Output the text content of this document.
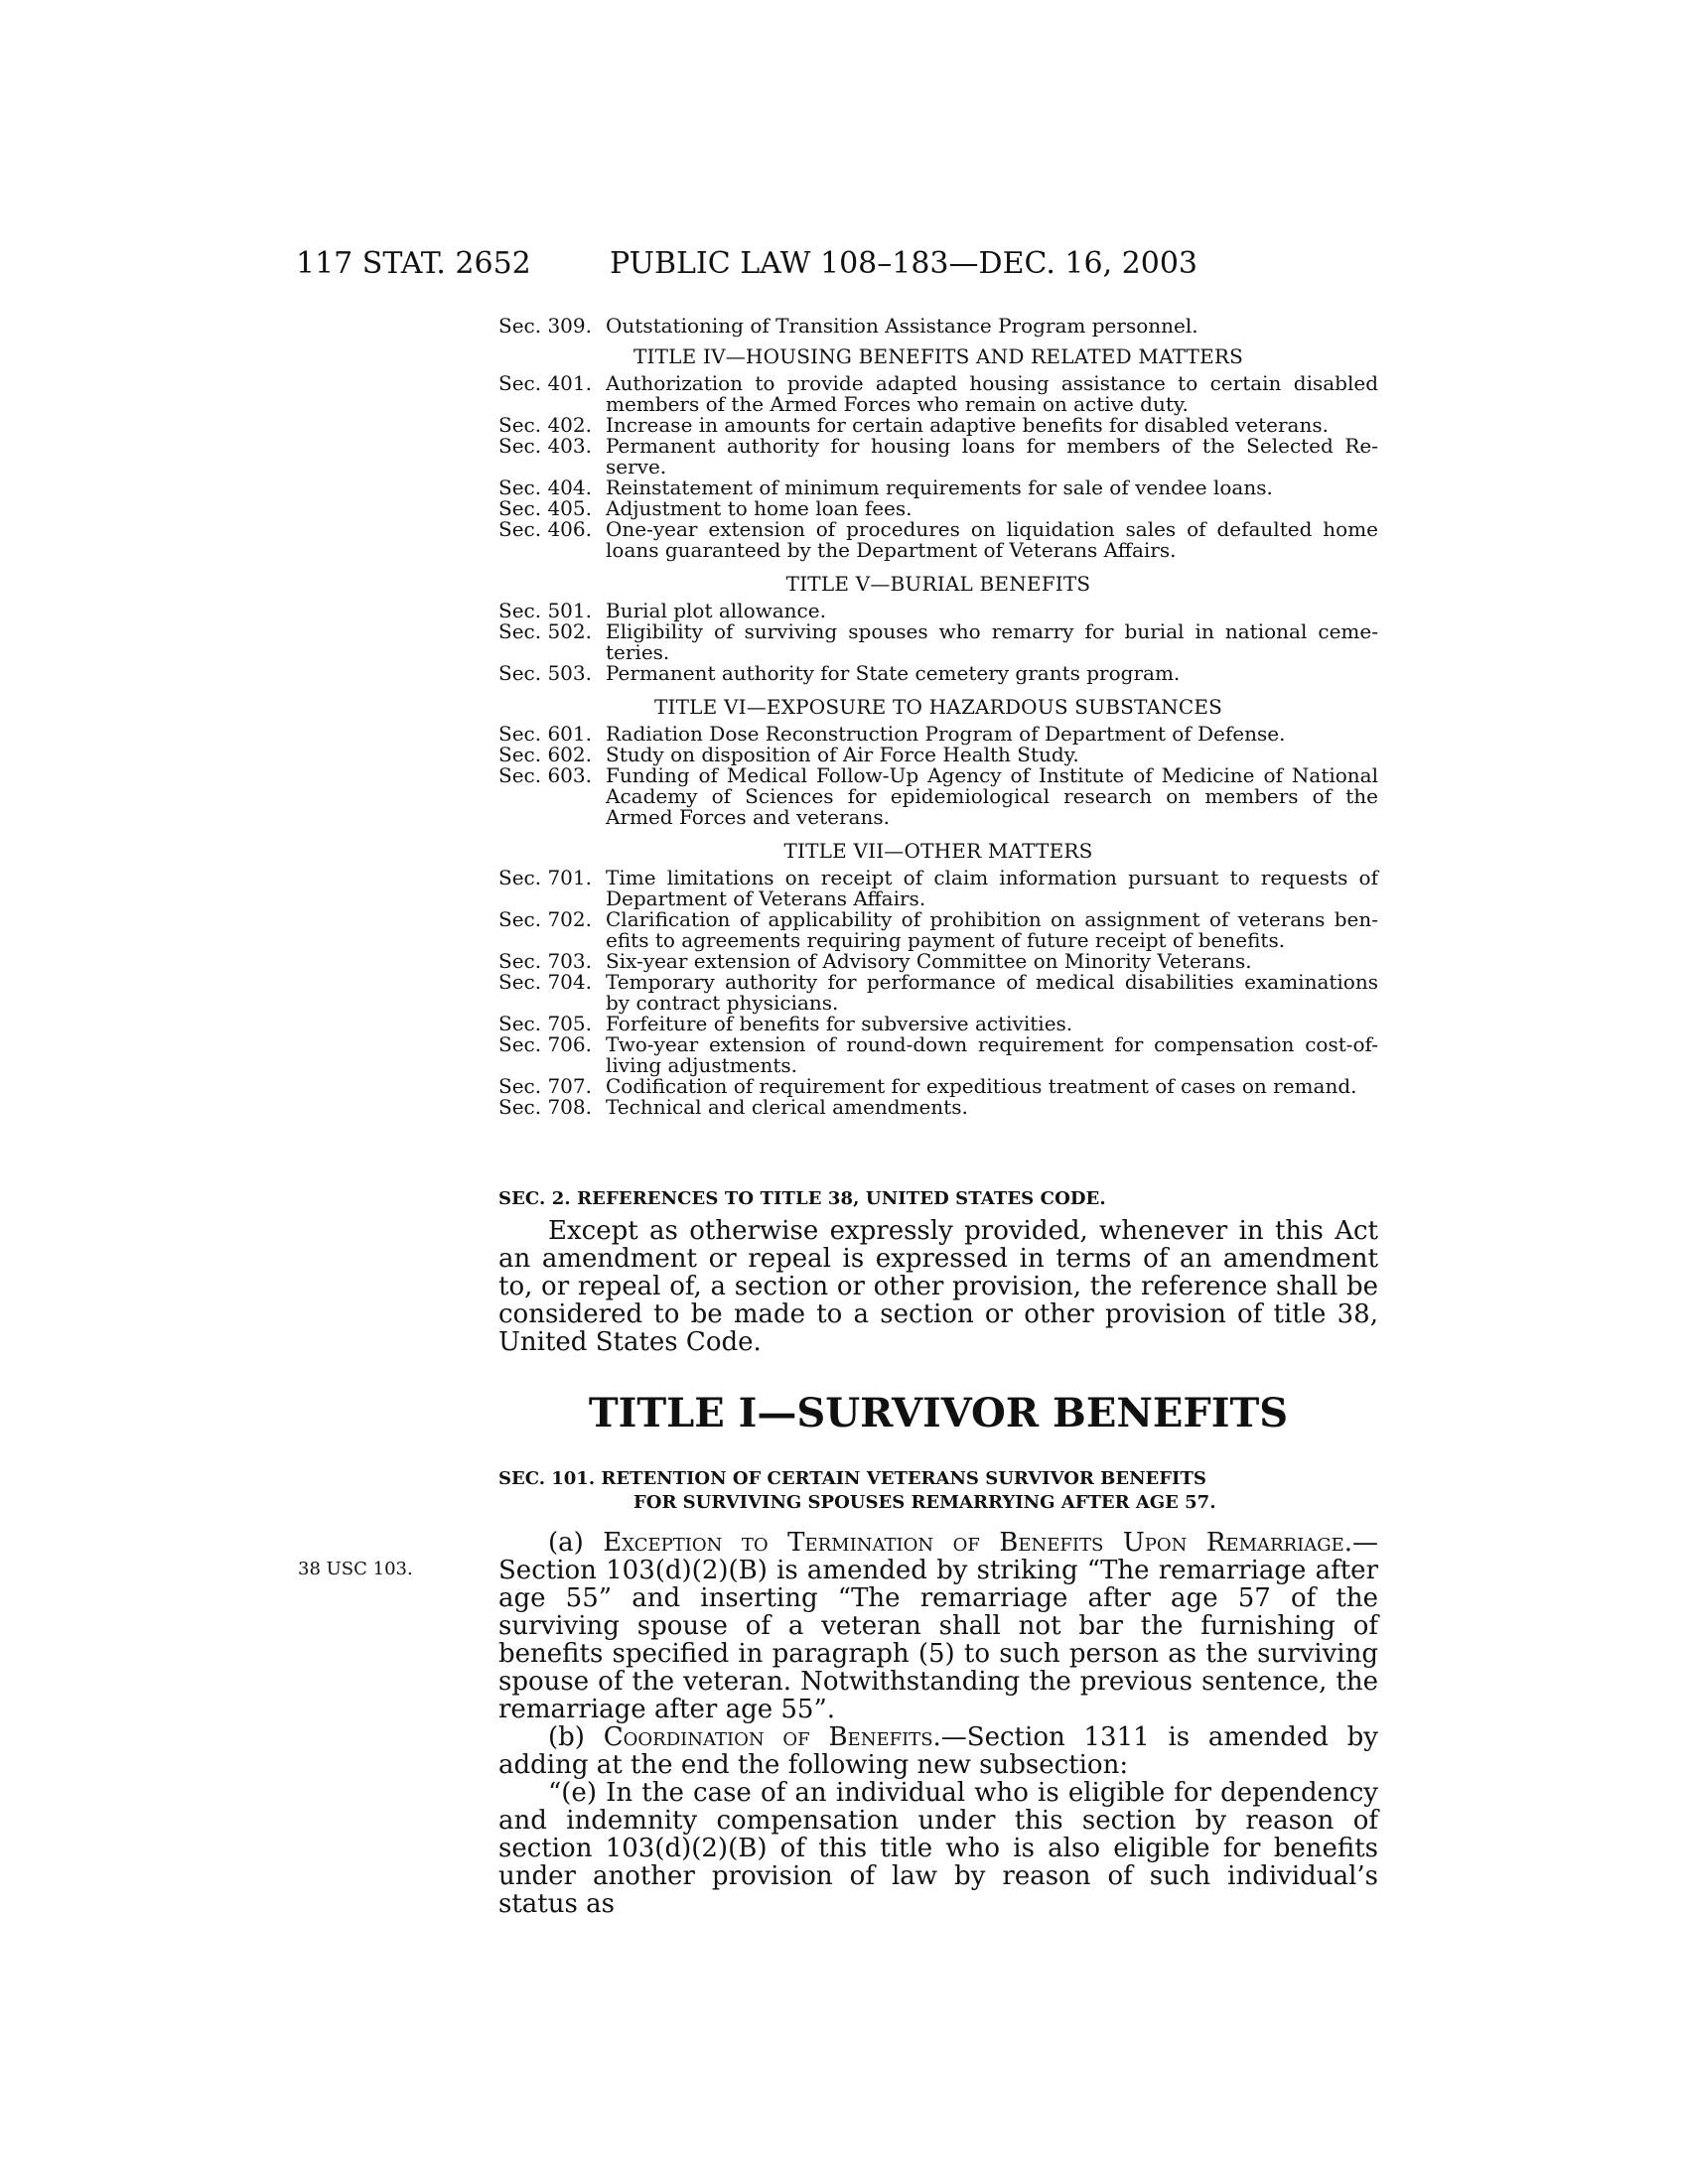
117 STAT. 2652	PUBLIC LAW 108–183—DEC. 16, 2003
Sec. 309. Outstationing of Transition Assistance Program personnel.
TITLE IV—HOUSING BENEFITS AND RELATED MATTERS
Sec. 401. Authorization to provide adapted housing assistance to certain disabled members of the Armed Forces who remain on active duty.
Sec. 402. Increase in amounts for certain adaptive benefits for disabled veterans.
Sec. 403. Permanent authority for housing loans for members of the Selected Reserve.
Sec. 404. Reinstatement of minimum requirements for sale of vendee loans.
Sec. 405. Adjustment to home loan fees.
Sec. 406. One-year extension of procedures on liquidation sales of defaulted home loans guaranteed by the Department of Veterans Affairs.
TITLE V—BURIAL BENEFITS
Sec. 501. Burial plot allowance.
Sec. 502. Eligibility of surviving spouses who remarry for burial in national cemeteries.
Sec. 503. Permanent authority for State cemetery grants program.
TITLE VI—EXPOSURE TO HAZARDOUS SUBSTANCES
Sec. 601. Radiation Dose Reconstruction Program of Department of Defense.
Sec. 602. Study on disposition of Air Force Health Study.
Sec. 603. Funding of Medical Follow-Up Agency of Institute of Medicine of National Academy of Sciences for epidemiological research on members of the Armed Forces and veterans.
TITLE VII—OTHER MATTERS
Sec. 701. Time limitations on receipt of claim information pursuant to requests of Department of Veterans Affairs.
Sec. 702. Clarification of applicability of prohibition on assignment of veterans benefits to agreements requiring payment of future receipt of benefits.
Sec. 703. Six-year extension of Advisory Committee on Minority Veterans.
Sec. 704. Temporary authority for performance of medical disabilities examinations by contract physicians.
Sec. 705. Forfeiture of benefits for subversive activities.
Sec. 706. Two-year extension of round-down requirement for compensation cost-of-living adjustments.
Sec. 707. Codification of requirement for expeditious treatment of cases on remand.
Sec. 708. Technical and clerical amendments.
SEC. 2. REFERENCES TO TITLE 38, UNITED STATES CODE.

Except as otherwise expressly provided, whenever in this Act an amendment or repeal is expressed in terms of an amendment to, or repeal of, a section or other provision, the reference shall be considered to be made to a section or other provision of title 38, United States Code.

TITLE I—SURVIVOR BENEFITS
SEC. 101. RETENTION OF CERTAIN VETERANS SURVIVOR BENEFITS
FOR SURVIVING SPOUSES REMARRYING AFTER AGE 57.
38 USC 103.

(a) Exception to Termination of Benefits Upon Remarriage.—Section 103(d)(2)(B) is amended by striking “The remarriage after age 55” and inserting “The remarriage after age 57 of the surviving spouse of a veteran shall not bar the furnishing of benefits specified in paragraph (5) to such person as the surviving spouse of the veteran. Notwithstanding the previous sentence, the remarriage after age 55”.

(b) Coordination of Benefits.—Section 1311 is amended by adding at the end the following new subsection:

“(e) In the case of an individual who is eligible for dependency and indemnity compensation under this section by reason of section 103(d)(2)(B) of this title who is also eligible for benefits under another provision of law by reason of such individual’s status as
